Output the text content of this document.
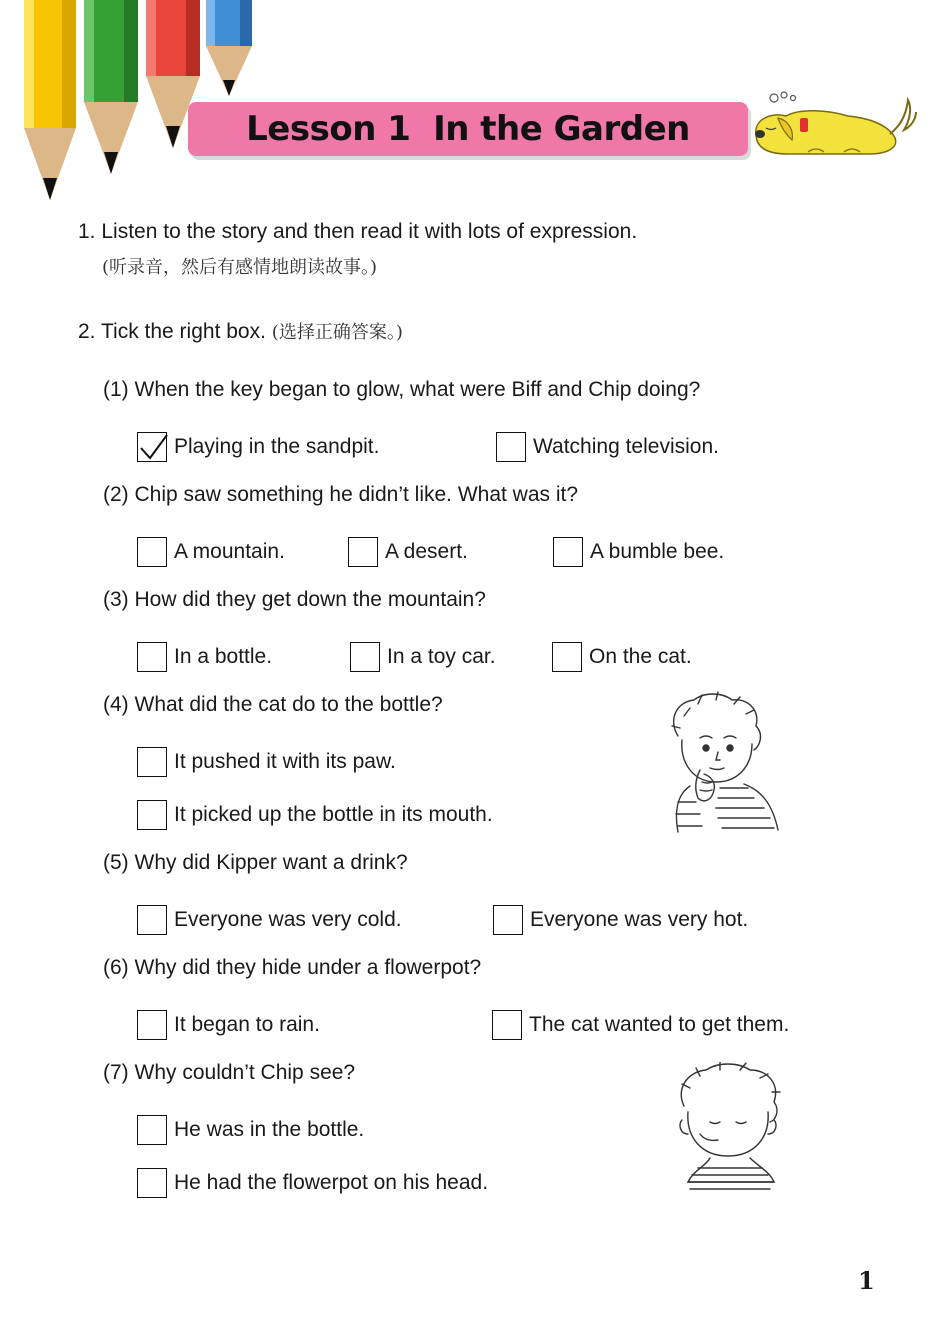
Lesson 1  In the Garden
1. Listen to the story and then read it with lots of expression.
(听录音，然后有感情地朗读故事。)
2. Tick the right box. (选择正确答案。)
(1) When the key began to glow, what were Biff and Chip doing?
Playing in the sandpit.	Watching television.
(2) Chip saw something he didn’t like. What was it?
A mountain.	A desert.	A bumble bee.
(3) How did they get down the mountain?
In a bottle.	In a toy car.	On the cat.
(4) What did the cat do to the bottle?
It pushed it with its paw.
It picked up the bottle in its mouth.
(5) Why did Kipper want a drink?
Everyone was very cold.	Everyone was very hot.
(6) Why did they hide under a flowerpot?
It began to rain.	The cat wanted to get them.
(7) Why couldn’t Chip see?
He was in the bottle.
He had the flowerpot on his head.
1
